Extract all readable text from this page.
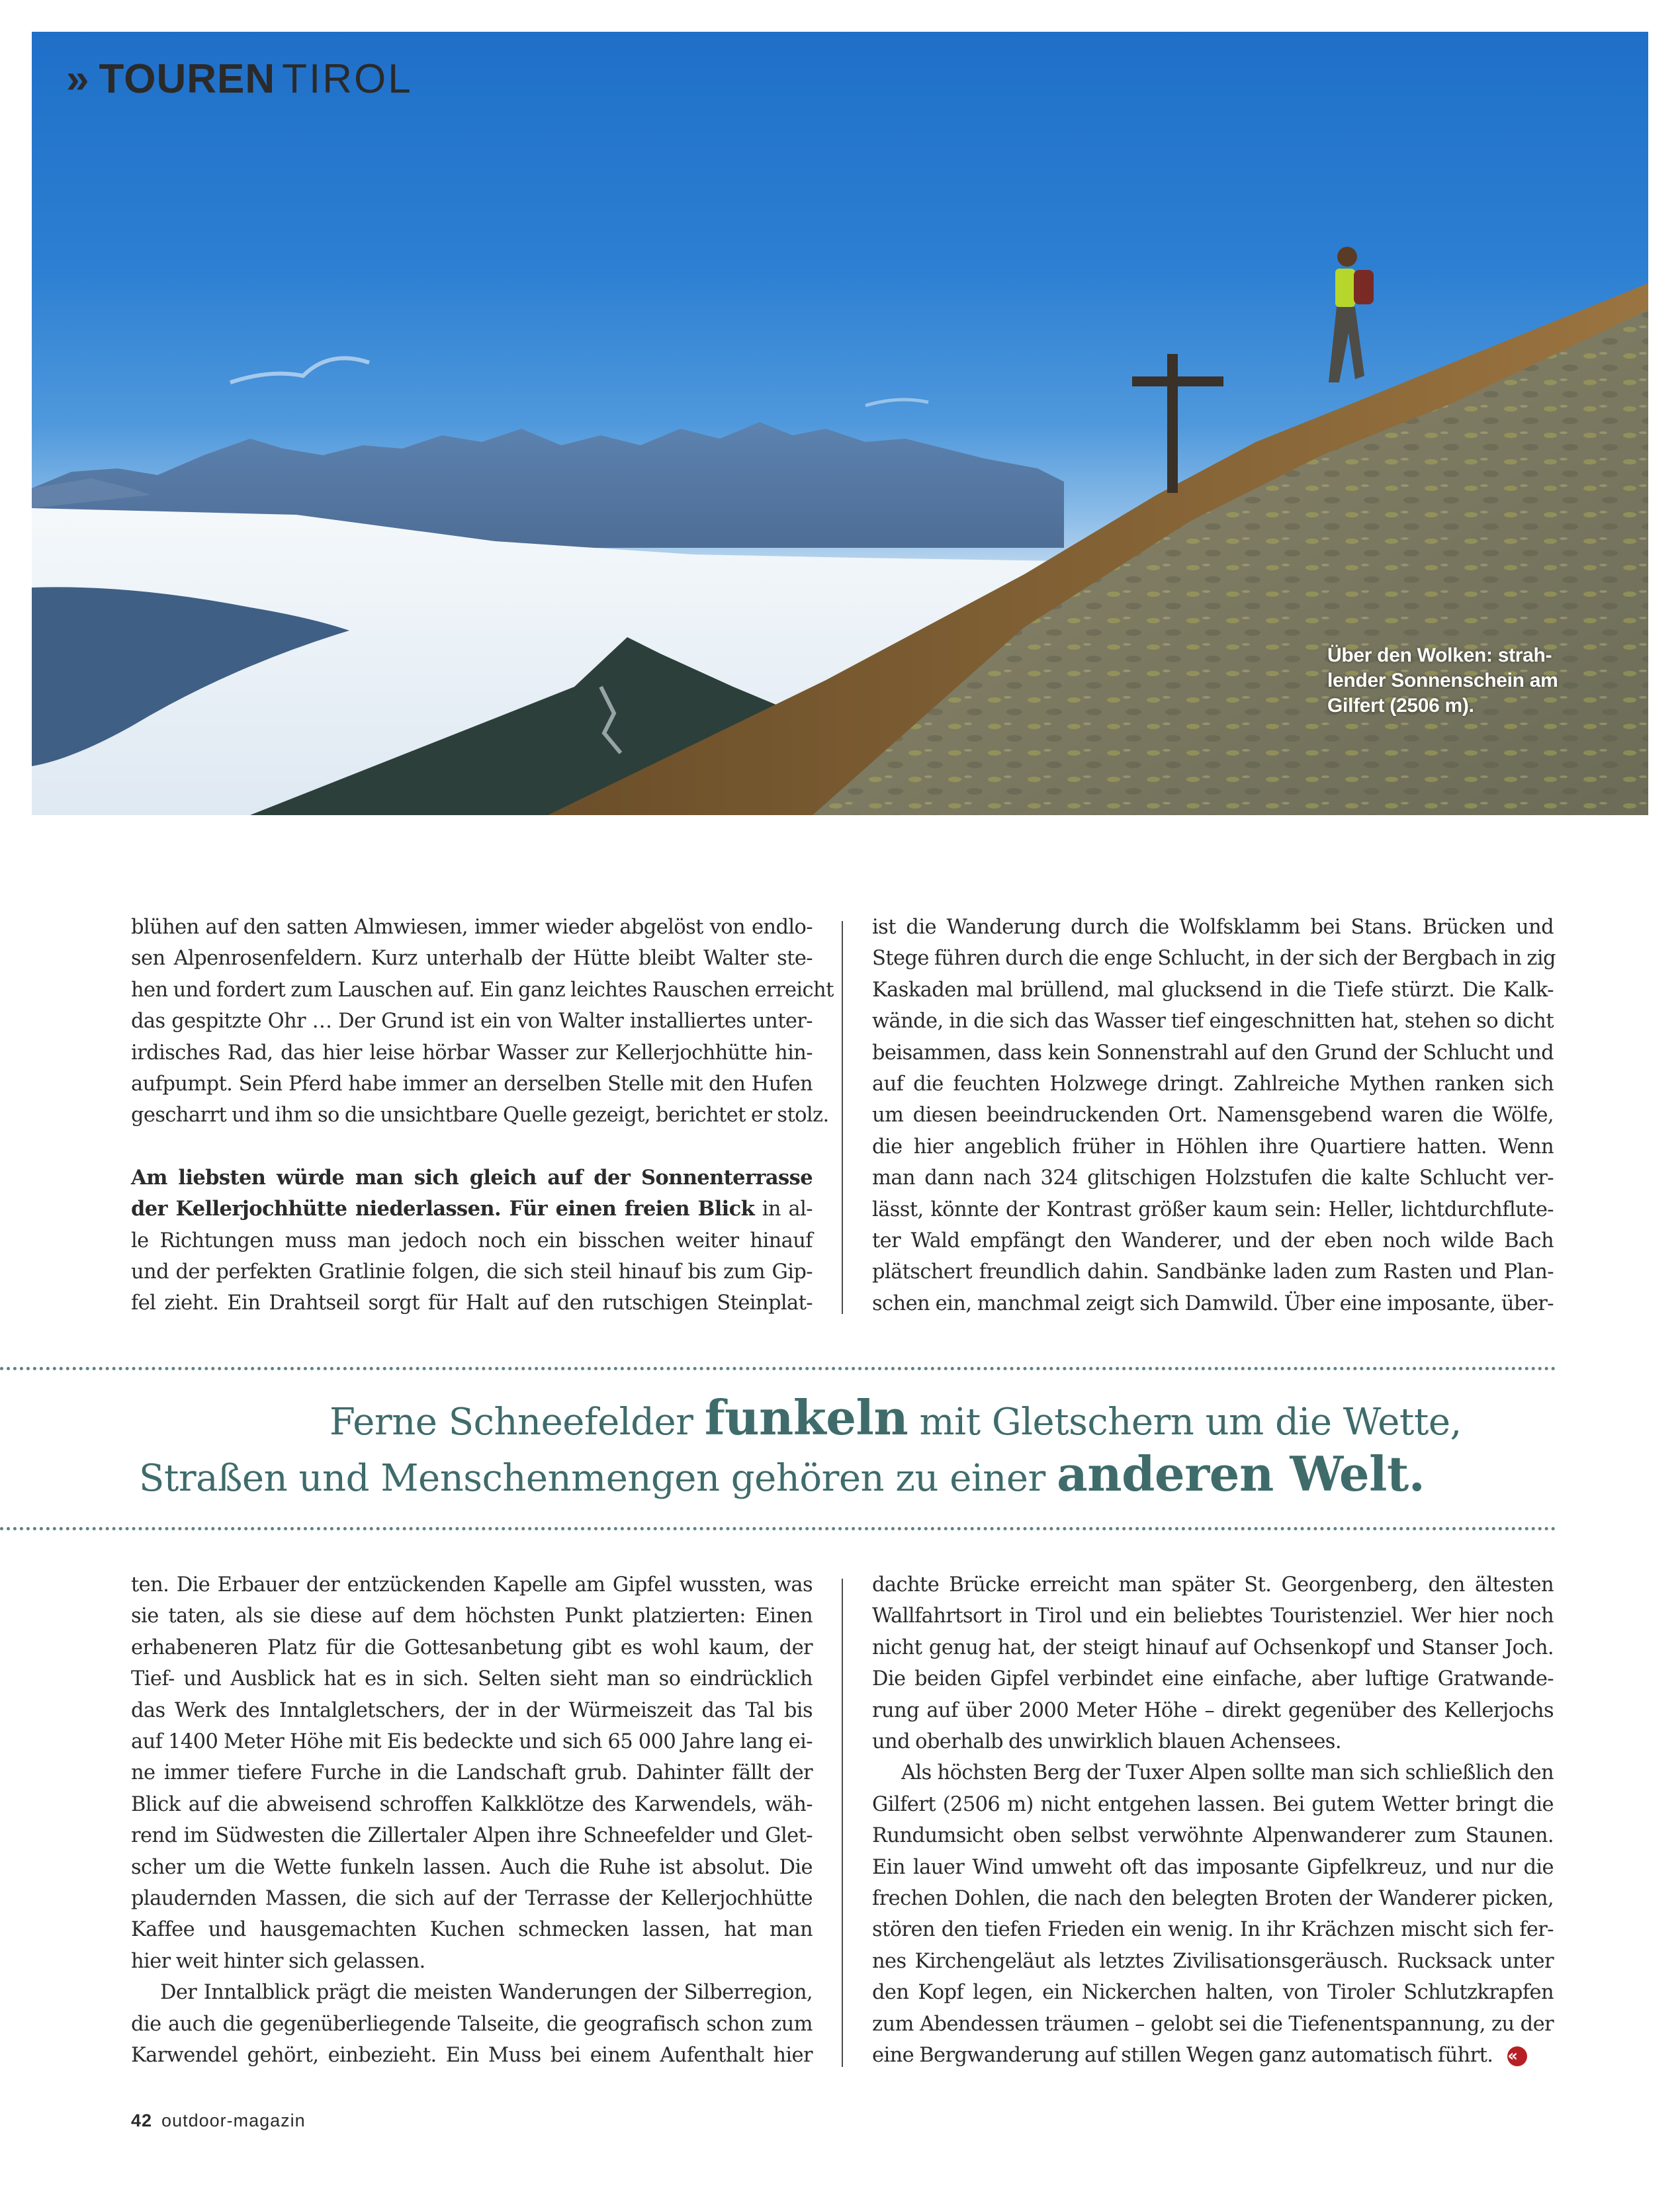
» TOUREN TIROL
Über den Wolken: strah-
lender Sonnenschein am
Gilfert (2506 m).

blühen auf den satten Almwiesen, immer wieder abgelöst von endlo-
sen Alpenrosenfeldern. Kurz unterhalb der Hütte bleibt Walter ste-
hen und fordert zum Lauschen auf. Ein ganz leichtes Rauschen erreicht
das gespitzte Ohr … Der Grund ist ein von Walter installiertes unter-
irdisches Rad, das hier leise hörbar Wasser zur Kellerjochhütte hin-
aufpumpt. Sein Pferd habe immer an derselben Stelle mit den Hufen
gescharrt und ihm so die unsichtbare Quelle gezeigt, berichtet er stolz.

Am liebsten würde man sich gleich auf der Sonnenterrasse
der Kellerjochhütte niederlassen. Für einen freien Blick in al-
le Richtungen muss man jedoch noch ein bisschen weiter hinauf
und der perfekten Gratlinie folgen, die sich steil hinauf bis zum Gip-
fel zieht. Ein Drahtseil sorgt für Halt auf den rutschigen Steinplat-

ist die Wanderung durch die Wolfsklamm bei Stans. Brücken und
Stege führen durch die enge Schlucht, in der sich der Bergbach in zig
Kaskaden mal brüllend, mal glucksend in die Tiefe stürzt. Die Kalk-
wände, in die sich das Wasser tief eingeschnitten hat, stehen so dicht
beisammen, dass kein Sonnenstrahl auf den Grund der Schlucht und
auf die feuchten Holzwege dringt. Zahlreiche Mythen ranken sich
um diesen beeindruckenden Ort. Namensgebend waren die Wölfe,
die hier angeblich früher in Höhlen ihre Quartiere hatten. Wenn
man dann nach 324 glitschigen Holzstufen die kalte Schlucht ver-
lässt, könnte der Kontrast größer kaum sein: Heller, lichtdurchflute-
ter Wald empfängt den Wanderer, und der eben noch wilde Bach
plätschert freundlich dahin. Sandbänke laden zum Rasten und Plan-
schen ein, manchmal zeigt sich Damwild. Über eine imposante, über-

Ferne Schneefelder funkeln mit Gletschern um die Wette,
Straßen und Menschenmengen gehören zu einer anderen Welt.

ten. Die Erbauer der entzückenden Kapelle am Gipfel wussten, was
sie taten, als sie diese auf dem höchsten Punkt platzierten: Einen
erhabeneren Platz für die Gottesanbetung gibt es wohl kaum, der
Tief- und Ausblick hat es in sich. Selten sieht man so eindrücklich
das Werk des Inntalgletschers, der in der Würmeiszeit das Tal bis
auf 1400 Meter Höhe mit Eis bedeckte und sich 65 000 Jahre lang ei-
ne immer tiefere Furche in die Landschaft grub. Dahinter fällt der
Blick auf die abweisend schroffen Kalkklötze des Karwendels, wäh-
rend im Südwesten die Zillertaler Alpen ihre Schneefelder und Glet-
scher um die Wette funkeln lassen. Auch die Ruhe ist absolut. Die
plaudernden Massen, die sich auf der Terrasse der Kellerjochhütte
Kaffee und hausgemachten Kuchen schmecken lassen, hat man
hier weit hinter sich gelassen.

Der Inntalblick prägt die meisten Wanderungen der Silberregion,
die auch die gegenüberliegende Talseite, die geografisch schon zum
Karwendel gehört, einbezieht. Ein Muss bei einem Aufenthalt hier

dachte Brücke erreicht man später St. Georgenberg, den ältesten
Wallfahrtsort in Tirol und ein beliebtes Touristenziel. Wer hier noch
nicht genug hat, der steigt hinauf auf Ochsenkopf und Stanser Joch.
Die beiden Gipfel verbindet eine einfache, aber luftige Gratwande-
rung auf über 2000 Meter Höhe – direkt gegenüber des Kellerjochs
und oberhalb des unwirklich blauen Achensees.

Als höchsten Berg der Tuxer Alpen sollte man sich schließlich den
Gilfert (2506 m) nicht entgehen lassen. Bei gutem Wetter bringt die
Rundumsicht oben selbst verwöhnte Alpenwanderer zum Staunen.
Ein lauer Wind umweht oft das imposante Gipfelkreuz, und nur die
frechen Dohlen, die nach den belegten Broten der Wanderer picken,
stören den tiefen Frieden ein wenig. In ihr Krächzen mischt sich fer-
nes Kirchengeläut als letztes Zivilisationsgeräusch. Rucksack unter
den Kopf legen, ein Nickerchen halten, von Tiroler Schlutzkrapfen
zum Abendessen träumen – gelobt sei die Tiefenentspannung, zu der
eine Bergwanderung auf stillen Wegen ganz automatisch führt. «

42 outdoor-magazin
